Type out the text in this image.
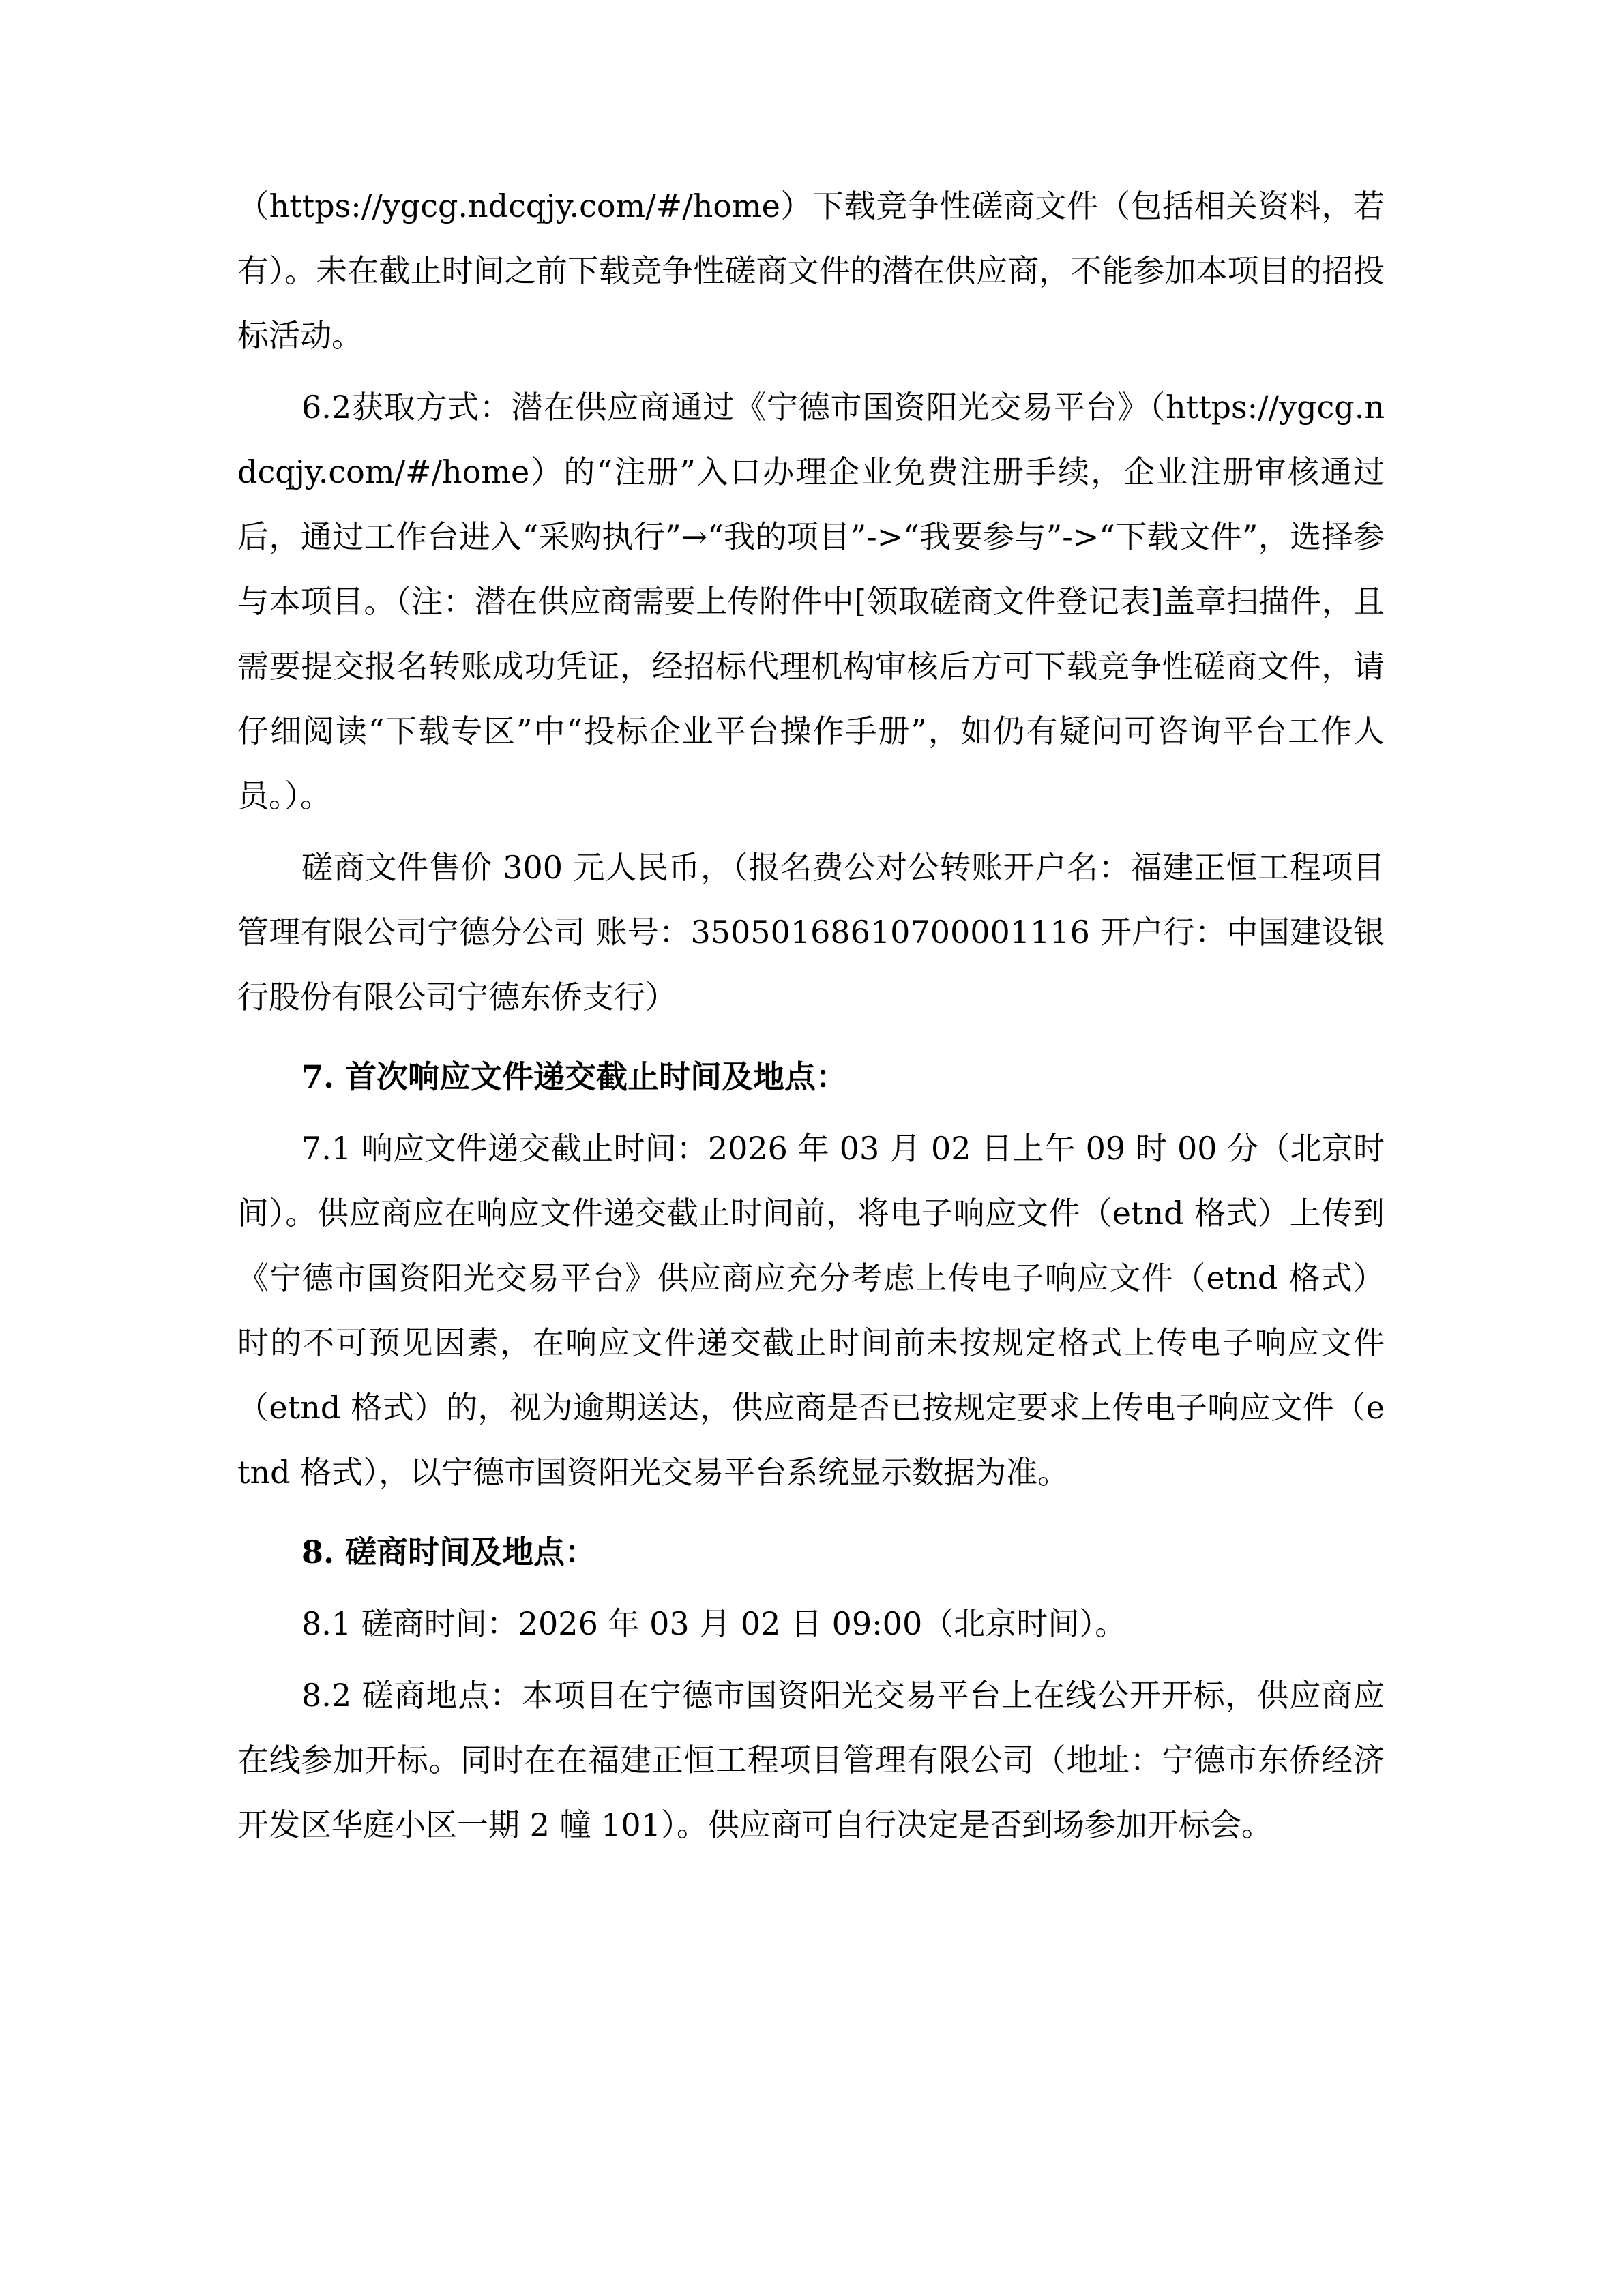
（https://ygcg.ndcqjy.com/#/home）下载竞争性磋商文件（包括相关资料，若有）。未在截止时间之前下载竞争性磋商文件的潜在供应商，不能参加本项目的招投标活动。

6.2获取方式：潜在供应商通过《宁德市国资阳光交易平台》（https://ygcg.ndcqjy.com/#/home）的“注册”入口办理企业免费注册手续，企业注册审核通过后，通过工作台进入“采购执行”→“我的项目”->“我要参与”->“下载文件”，选择参与本项目。（注：潜在供应商需要上传附件中[领取磋商文件登记表]盖章扫描件，且需要提交报名转账成功凭证，经招标代理机构审核后方可下载竞争性磋商文件，请仔细阅读“下载专区”中“投标企业平台操作手册”，如仍有疑问可咨询平台工作人员。）。

磋商文件售价 300 元人民币，（报名费公对公转账开户名：福建正恒工程项目管理有限公司宁德分公司 账号：35050168610700001116 开户行：中国建设银行股份有限公司宁德东侨支行）

7. 首次响应文件递交截止时间及地点：

7.1 响应文件递交截止时间：2026 年 03 月 02 日上午 09 时 00 分（北京时间）。供应商应在响应文件递交截止时间前，将电子响应文件（etnd 格式）上传到《宁德市国资阳光交易平台》供应商应充分考虑上传电子响应文件（etnd 格式）时的不可预见因素，在响应文件递交截止时间前未按规定格式上传电子响应文件（etnd 格式）的，视为逾期送达，供应商是否已按规定要求上传电子响应文件（etnd 格式），以宁德市国资阳光交易平台系统显示数据为准。

8. 磋商时间及地点：

8.1 磋商时间：2026 年 03 月 02 日 09:00（北京时间）。

8.2 磋商地点：本项目在宁德市国资阳光交易平台上在线公开开标，供应商应在线参加开标。同时在在福建正恒工程项目管理有限公司（地址：宁德市东侨经济开发区华庭小区一期 2 幢 101）。供应商可自行决定是否到场参加开标会。
